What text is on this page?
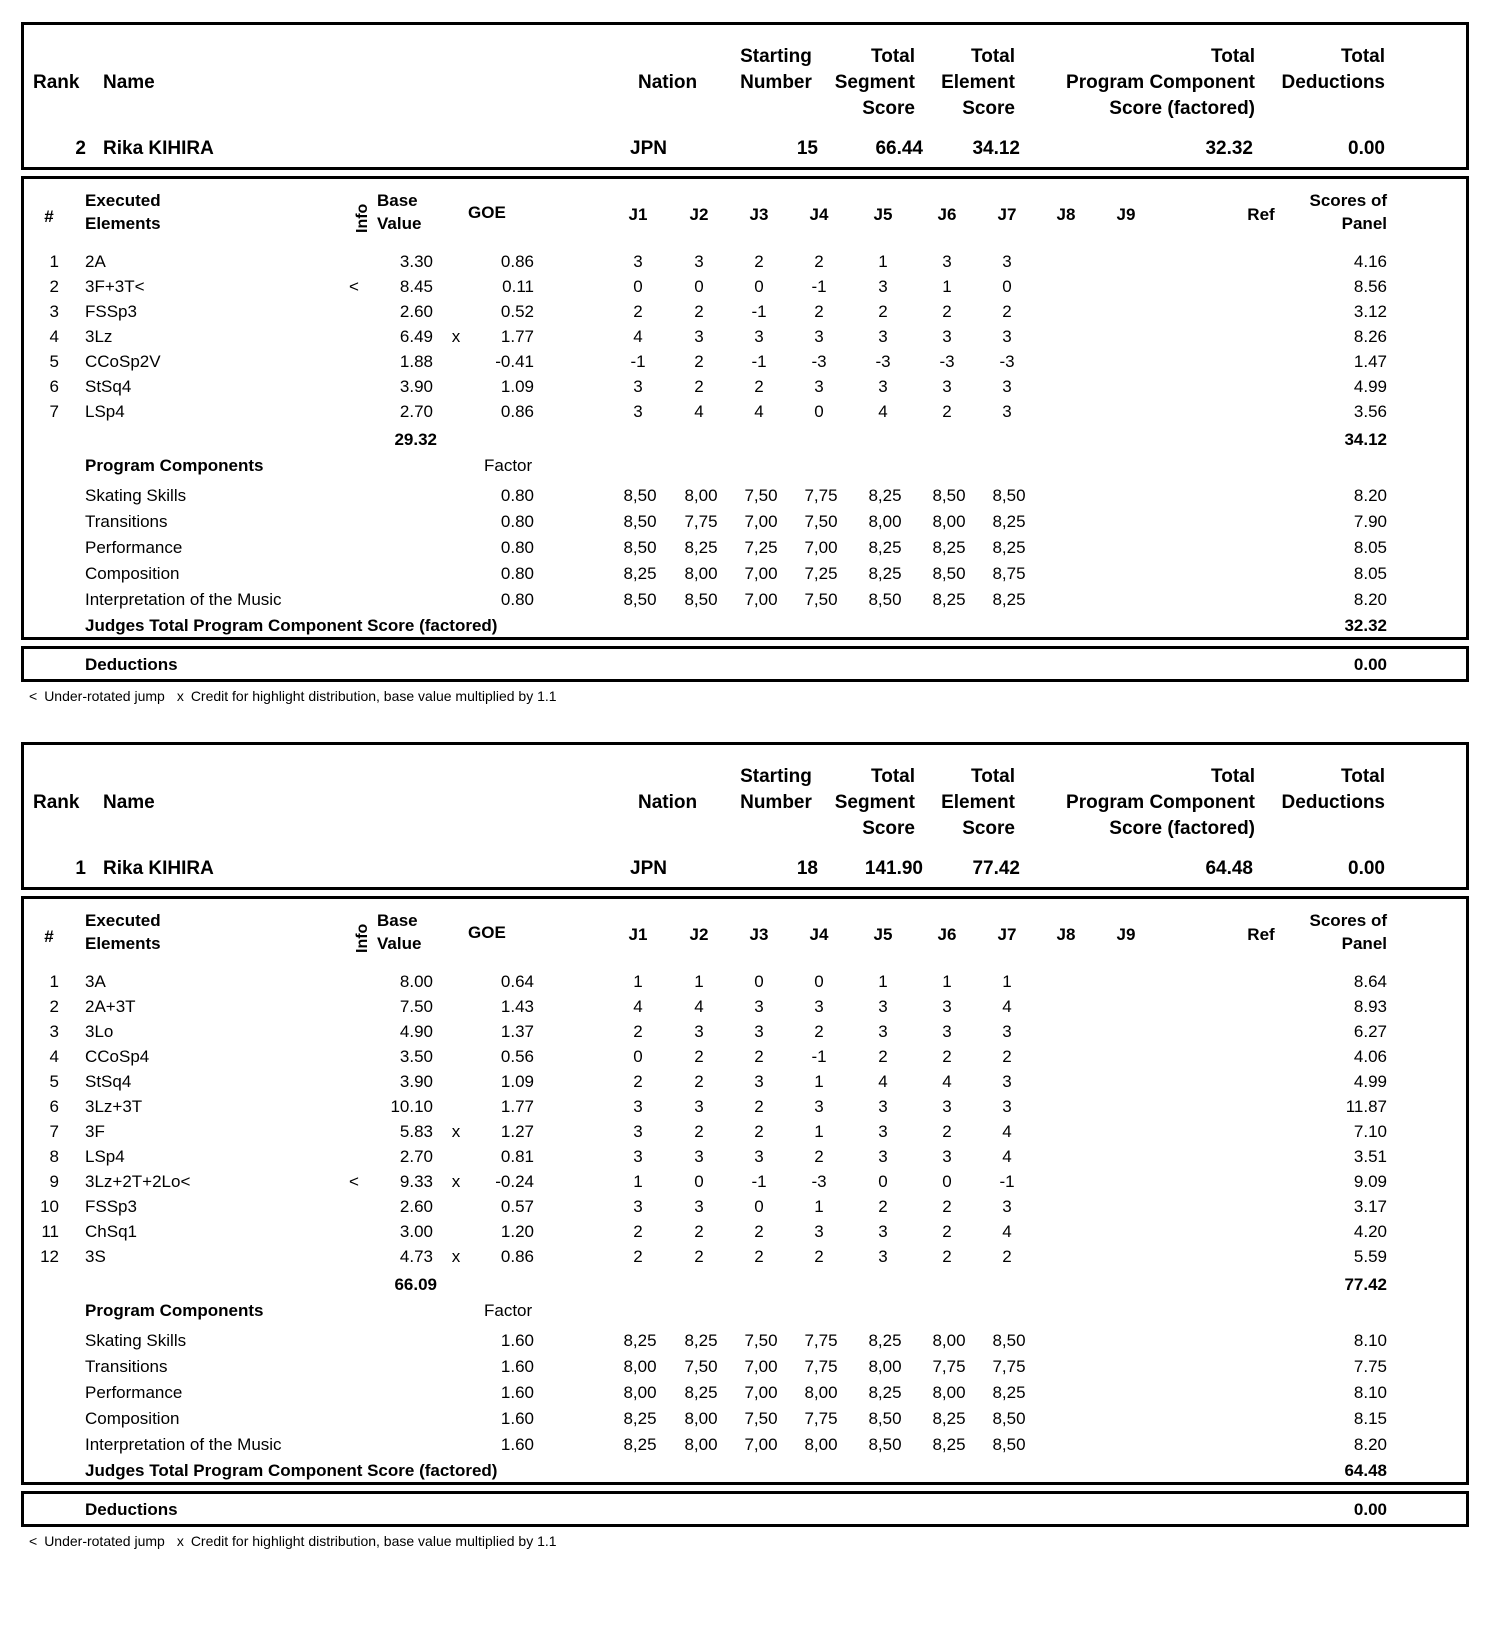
Rank Name	Nation
Starting
Number
Total
Segment
Score
Total
Element
Score
Total
Program Component
Score (factored)
Total
Deductions
2 Rika KIHIRA	JPN	15	66.44	34.12	32.32	0.00
#
Executed
Elements	Info
Base
Value
GOE	J1	J2	J3	J4	J5	J6	J7	J8	J9	Ref
Scores of
Panel
1 2A	3.30	0.86	3	3	2	2	1	3	3	4.16
2 3F+3T<	<	8.45	0.11	0	0	0	-1	3	1	0	8.56
3 FSSp3	2.60	0.52	2	2	-1	2	2	2	2	3.12
4 3Lz	6.49	x	1.77	4	3	3	3	3	3	3	8.26
5 CCoSp2V	1.88	-0.41	-1	2	-1	-3	-3	-3	-3	1.47
6 StSq4	3.90	1.09	3	2	2	3	3	3	3	4.99
7 LSp4	2.70	0.86	3	4	4	0	4	2	3	3.56
29.32	34.12
Program Components	Factor
Skating Skills	0.80	8,50	8,00	7,50	7,75	8,25	8,50	8,50	8.20
Transitions	0.80	8,50	7,75	7,00	7,50	8,00	8,00	8,25	7.90
Performance	0.80	8,50	8,25	7,25	7,00	8,25	8,25	8,25	8.05
Composition	0.80	8,25	8,00	7,00	7,25	8,25	8,50	8,75	8.05
Interpretation of the Music	0.80	8,50	8,50	7,00	7,50	8,50	8,25	8,25	8.20
Judges Total Program Component Score (factored)	32.32
Deductions	0.00
< Under-rotated jump x Credit for highlight distribution, base value multiplied by 1.1
Rank Name	Nation
Starting
Number
Total
Segment
Score
Total
Element
Score
Total
Program Component
Score (factored)
Total
Deductions
1 Rika KIHIRA	JPN	18	141.90	77.42	64.48	0.00
#
Executed
Elements	Info
Base
Value
GOE	J1	J2	J3	J4	J5	J6	J7	J8	J9	Ref
Scores of
Panel
1 3A	8.00	0.64	1	1	0	0	1	1	1	8.64
2 2A+3T	7.50	1.43	4	4	3	3	3	3	4	8.93
3 3Lo	4.90	1.37	2	3	3	2	3	3	3	6.27
4 CCoSp4	3.50	0.56	0	2	2	-1	2	2	2	4.06
5 StSq4	3.90	1.09	2	2	3	1	4	4	3	4.99
6 3Lz+3T	10.10	1.77	3	3	2	3	3	3	3	11.87
7 3F	5.83	x	1.27	3	2	2	1	3	2	4	7.10
8 LSp4	2.70	0.81	3	3	3	2	3	3	4	3.51
9 3Lz+2T+2Lo<	<	9.33	x	-0.24	1	0	-1	-3	0	0	-1	9.09
10 FSSp3	2.60	0.57	3	3	0	1	2	2	3	3.17
11 ChSq1	3.00	1.20	2	2	2	3	3	2	4	4.20
12 3S	4.73	x	0.86	2	2	2	2	3	2	2	5.59
66.09	77.42
Program Components	Factor
Skating Skills	1.60	8,25	8,25	7,50	7,75	8,25	8,00	8,50	8.10
Transitions	1.60	8,00	7,50	7,00	7,75	8,00	7,75	7,75	7.75
Performance	1.60	8,00	8,25	7,00	8,00	8,25	8,00	8,25	8.10
Composition	1.60	8,25	8,00	7,50	7,75	8,50	8,25	8,50	8.15
Interpretation of the Music	1.60	8,25	8,00	7,00	8,00	8,50	8,25	8,50	8.20
Judges Total Program Component Score (factored)	64.48
Deductions	0.00
< Under-rotated jump x Credit for highlight distribution, base value multiplied by 1.1
